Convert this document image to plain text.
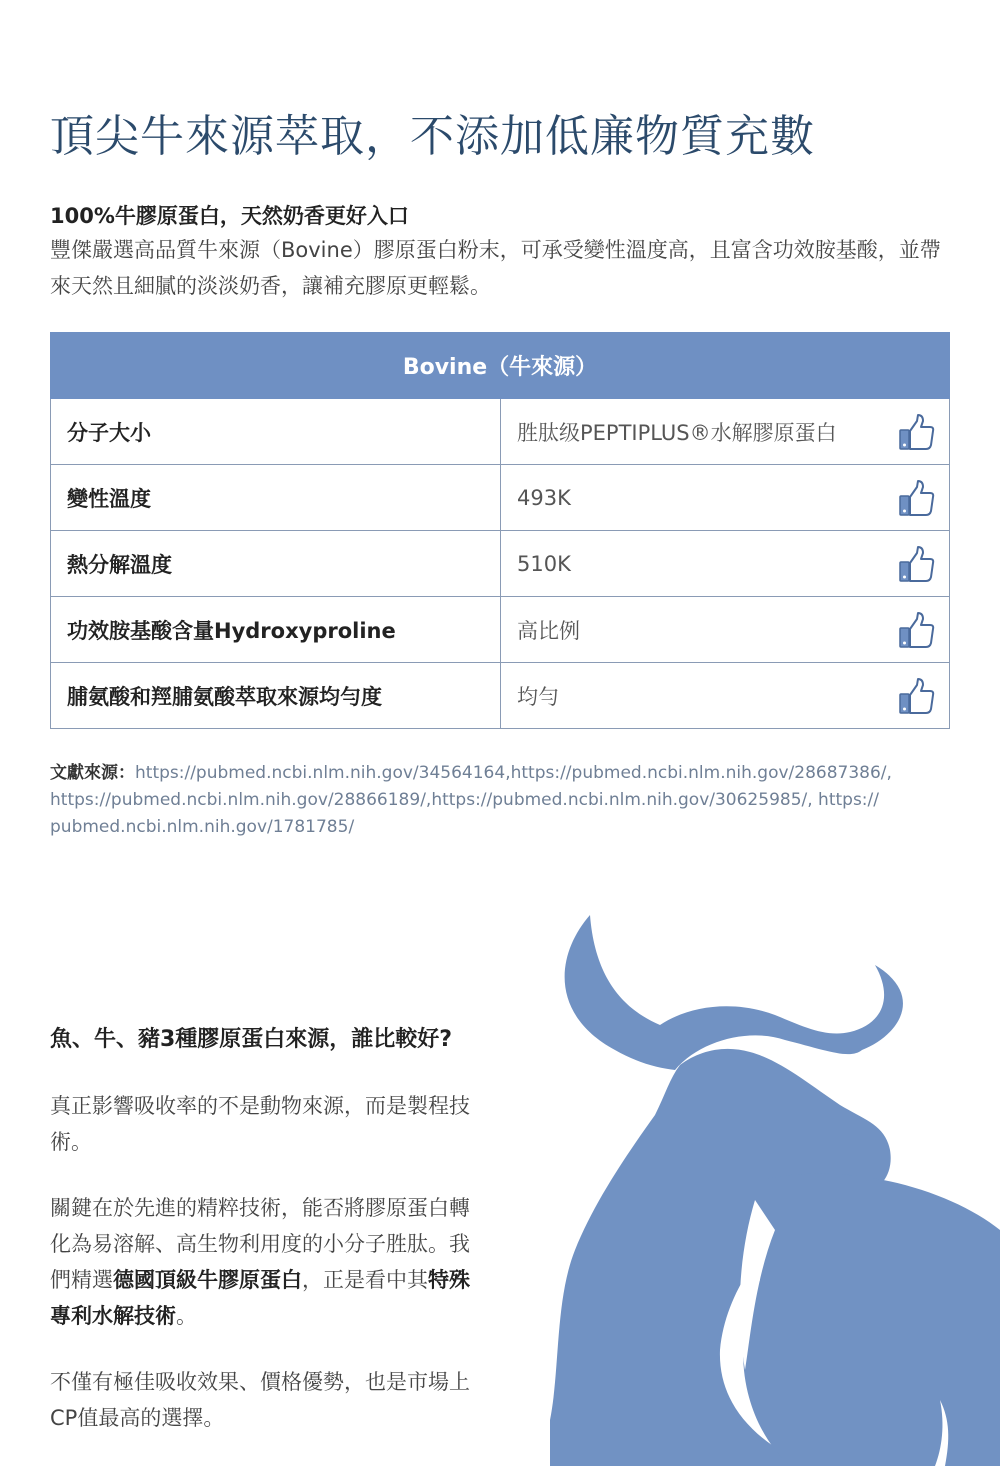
頂尖牛來源萃取，不添加低廉物質充數
100%牛膠原蛋白，天然奶香更好入口

豐傑嚴選高品質牛來源（Bovine）膠原蛋白粉末，可承受變性溫度高，且富含功效胺基酸，並帶來天然且細膩的淡淡奶香，讓補充膠原更輕鬆。

Bovine（牛來源）	
分子大小	胜肽级PEPTIPLUS®水解膠原蛋白

變性溫度	493K

熱分解溫度	510K

功效胺基酸含量Hydroxyproline	高比例

脯氨酸和羥脯氨酸萃取來源均勻度	均勻

文獻來源：https://pubmed.ncbi.nlm.nih.gov/34564164,https://pubmed.ncbi.nlm.nih.gov/28687386/, https://pubmed.ncbi.nlm.nih.gov/28866189/,https://pubmed.ncbi.nlm.nih.gov/30625985/, https:// pubmed.ncbi.nlm.nih.gov/1781785/

魚、牛、豬3種膠原蛋白來源，誰比較好?

真正影響吸收率的不是動物來源，而是製程技術。

關鍵在於先進的精粹技術，能否將膠原蛋白轉化為易溶解、高生物利用度的小分子胜肽。我們精選德國頂級牛膠原蛋白，正是看中其特殊專利水解技術。

不僅有極佳吸收效果、價格優勢，也是市場上CP值最高的選擇。
